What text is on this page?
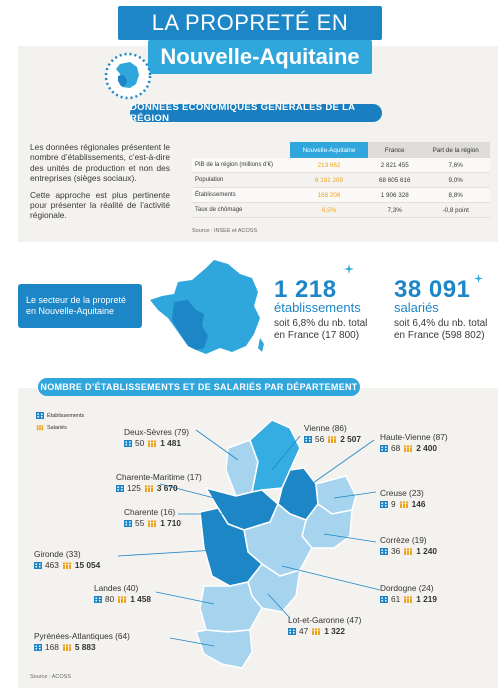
LA PROPRETÉ EN
Nouvelle-Aquitaine
DONNÉES ÉCONOMIQUES GÉNÉRALES DE LA RÉGION

Les données régionales présentent le nombre d’établissements, c’est-à-dire des unités de production et non des entreprises (sièges sociaux).

Cette approche est plus pertinente pour présenter la réalité de l’activité régionale.

	Nouvelle-Aquitaine	France	Part de la région
PIB de la région (millions d’€)	213 662	2 821 455	7,6%
Population	6 191 209	68 605 616	9,0%
Établissements	168 209	1 906 328	8,8%
Taux de chômage	6,5%	7,3%	-0,8 point
Source : INSEE et ACOSS
Le secteur de la propreté
en Nouvelle-Aquitaine
1 218
établissements
soit 6,8% du nb. total
en France (17 800)
38 091
salariés
soit 6,4% du nb. total
en France (598 802)
NOMBRE D’ÉTABLISSEMENTS ET DE SALARIÉS PAR DÉPARTEMENT
Établissements
Salariés	Deux-Sèvres (79)
50 1 481
Vienne (86)
56 2 507 Haute-Vienne (87)
68 2 400
Charente-Maritime (17)
125 3 670
Charente (16)
55 1 710
Creuse (23)
9 146
Corrèze (19)
36 1 240
Gironde (33)
463 15 054
Dordogne (24)
61 1 219
Landes (40)
80 1 458
Lot-et-Garonne (47)
47 1 322
Pyrénées-Atlantiques (64)
168 5 883
Source : ACOSS
